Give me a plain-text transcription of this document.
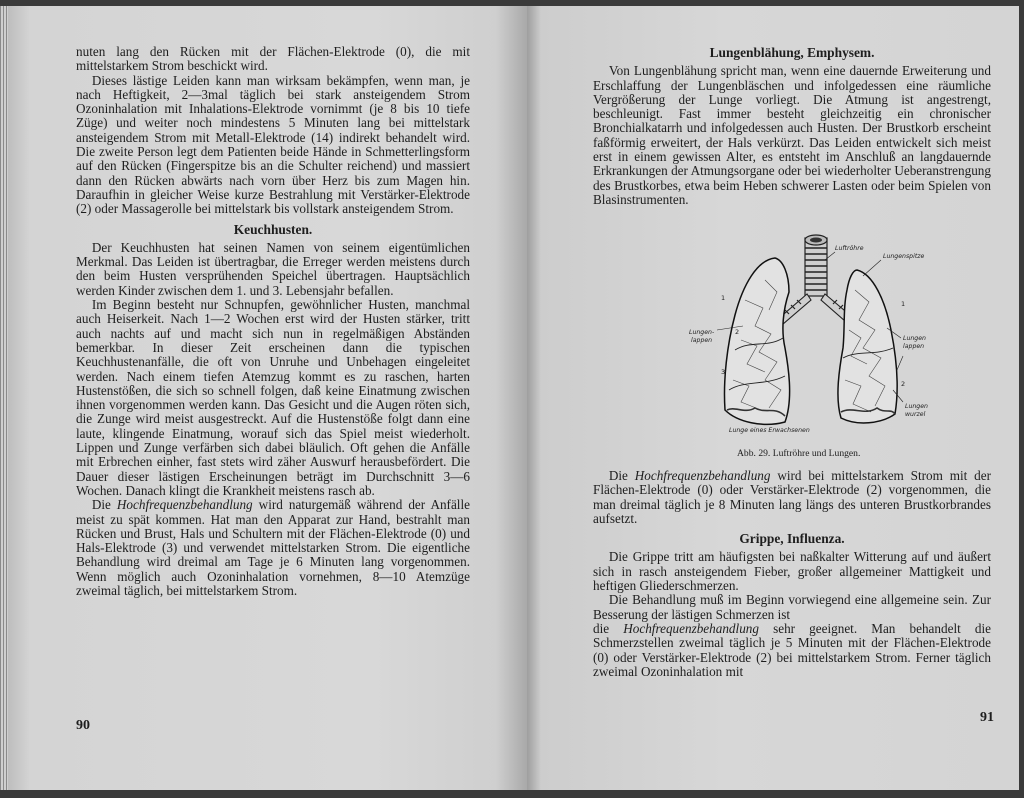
nuten lang den Rücken mit der Flächen-Elektrode (0), die mit mittelstarkem Strom beschickt wird.

Dieses lästige Leiden kann man wirksam bekämpfen, wenn man, je nach Heftigkeit, 2—3mal täglich bei stark ansteigendem Strom Ozoninhalation mit Inhalations-Elektrode vornimmt (je 8 bis 10 tiefe Züge) und weiter noch mindestens 5 Minuten lang bei mittelstark ansteigendem Strom mit Metall-Elektrode (14) indirekt behandelt wird. Die zweite Person legt dem Patienten beide Hände in Schmetterlingsform auf den Rücken (Fingerspitze bis an die Schulter reichend) und massiert dann den Rücken abwärts nach vorn über Herz bis zum Magen hin. Daraufhin in gleicher Weise kurze Bestrahlung mit Verstärker-Elektrode (2) oder Massagerolle bei mittelstark bis vollstark ansteigendem Strom.

Keuchhusten.

Der Keuchhusten hat seinen Namen von seinem eigentümlichen Merkmal. Das Leiden ist übertragbar, die Erreger werden meistens durch den beim Husten versprühenden Speichel übertragen. Hauptsächlich werden Kinder zwischen dem 1. und 3. Lebensjahr befallen.

Im Beginn besteht nur Schnupfen, gewöhnlicher Husten, manchmal auch Heiserkeit. Nach 1—2 Wochen erst wird der Husten stärker, tritt auch nachts auf und macht sich nun in regelmäßigen Abständen bemerkbar. In dieser Zeit erscheinen dann die typischen Keuchhustenanfälle, die oft von Unruhe und Unbehagen eingeleitet werden. Nach einem tiefen Atemzug kommt es zu raschen, harten Hustenstößen, die sich so schnell folgen, daß keine Einatmung zwischen ihnen vorgenommen werden kann. Das Gesicht und die Augen röten sich, die Zunge wird meist ausgestreckt. Auf die Hustenstöße folgt dann eine laute, klingende Einatmung, worauf sich das Spiel meist wiederholt. Lippen und Zunge verfärben sich dabei bläulich. Oft gehen die Anfälle mit Erbrechen einher, fast stets wird zäher Auswurf herausbefördert. Die Dauer dieser lästigen Erscheinungen beträgt im Durchschnitt 3—6 Wochen. Danach klingt die Krankheit meistens rasch ab.

Die Hochfrequenzbehandlung wird naturgemäß während der Anfälle meist zu spät kommen. Hat man den Apparat zur Hand, bestrahlt man Rücken und Brust, Hals und Schultern mit der Flächen-Elektrode (0) und Hals-Elektrode (3) und verwendet mittelstarken Strom. Die eigentliche Behandlung wird dreimal am Tage je 6 Minuten lang vorgenommen. Wenn möglich auch Ozoninhalation vornehmen, 8—10 Atemzüge zweimal täglich, bei mittelstarkem Strom.

90
Lungenblähung, Emphysem.

Von Lungenblähung spricht man, wenn eine dauernde Erweiterung und Erschlaffung der Lungenbläschen und infolgedessen eine räumliche Vergrößerung der Lunge vorliegt. Die Atmung ist angestrengt, beschleunigt. Fast immer besteht gleichzeitig ein chronischer Bronchialkatarrh und infolgedessen auch Husten. Der Brustkorb erscheint faßförmig erweitert, der Hals verkürzt. Das Leiden entwickelt sich meist erst in einem gewissen Alter, es entsteht im Anschluß an langdauernde Erkrankungen der Atmungsorgane oder bei wiederholter Ueberanstrengung des Brustkorbes, etwa beim Heben schwerer Lasten oder beim Spielen von Blasinstrumenten.

Luftröhre
Lungenspitze
Lungen-
lappen	Lungen
lappen
Lungen
wurzel
Lunge eines Erwachsenen
1
2
3
1
2
Abb. 29. Luftröhre und Lungen.

Die Hochfrequenzbehandlung wird bei mittelstarkem Strom mit der Flächen-Elektrode (0) oder Verstärker-Elektrode (2) vorgenommen, die man dreimal täglich je 8 Minuten lang längs des unteren Brustkorbrandes aufsetzt.

Grippe, Influenza.

Die Grippe tritt am häufigsten bei naßkalter Witterung auf und äußert sich in rasch ansteigendem Fieber, großer allgemeiner Mattigkeit und heftigen Gliederschmerzen.

Die Behandlung muß im Beginn vorwiegend eine allgemeine sein. Zur Besserung der lästigen Schmerzen ist

die Hochfrequenzbehandlung sehr geeignet. Man behandelt die Schmerzstellen zweimal täglich je 5 Minuten mit der Flächen-Elektrode (0) oder Verstärker-Elektrode (2) bei mittelstarkem Strom. Ferner täglich zweimal Ozoninhalation mit

91
